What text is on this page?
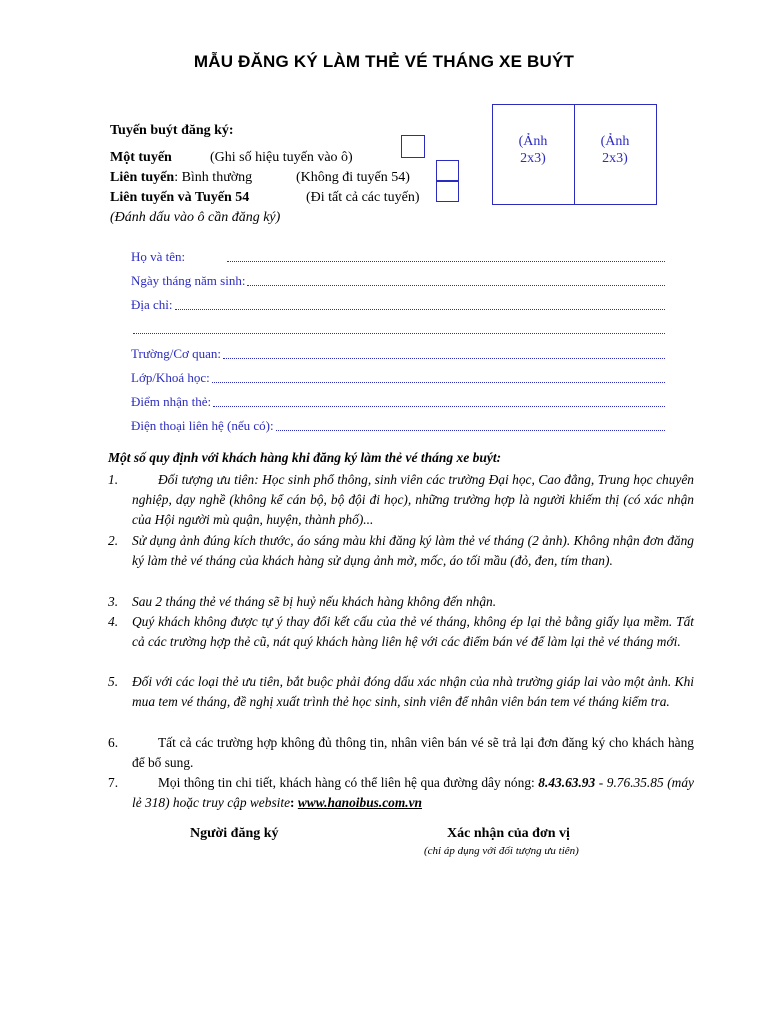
MẪU ĐĂNG KÝ LÀM THẺ VÉ THÁNG XE BUÝT
Tuyến buýt đăng ký:
Một tuyến	(Ghi số hiệu tuyến vào ô)
Liên tuyến: Bình thường	(Không đi tuyến 54)
Liên tuyến và Tuyến 54	(Đi tất cả các tuyến)
(Đánh dấu vào ô cần đăng ký)
(Ảnh
2x3)
(Ảnh
2x3)
Họ và tên:
Ngày tháng năm sinh:
Địa chỉ:
Trường/Cơ quan:
Lớp/Khoá học:
Điểm nhận thẻ:
Điện thoại liên hệ (nếu có):
Một số quy định với khách hàng khi đăng ký làm thẻ vé tháng xe buýt:
1.	Đối tượng ưu tiên: Học sinh phổ thông, sinh viên các trường Đại học, Cao đẳng, Trung học chuyên nghiệp, dạy nghề (không kể cán bộ, bộ đội đi học), những trường hợp là người khiếm thị (có xác nhận của Hội người mù quận, huyện, thành phố)...
2.	Sử dụng ảnh đúng kích thước, áo sáng màu khi đăng ký làm thẻ vé tháng (2 ảnh). Không nhận đơn đăng ký làm thẻ vé tháng của khách hàng sử dụng ảnh mờ, mốc, áo tối mầu (đỏ, đen, tím than).
3.	Sau 2 tháng thẻ vé tháng sẽ bị huỷ nếu khách hàng không đến nhận.
4.	Quý khách không được tự ý thay đổi kết cấu của thẻ vé tháng, không ép lại thẻ bằng giấy lụa mềm. Tất cả các trường hợp thẻ cũ, nát quý khách hàng liên hệ với các điểm bán vé để làm lại thẻ vé tháng mới.
5.	Đối với các loại thẻ ưu tiên, bắt buộc phải đóng dấu xác nhận của nhà trường giáp lai vào một ảnh. Khi mua tem vé tháng, đề nghị xuất trình thẻ học sinh, sinh viên để nhân viên bán tem vé tháng kiểm tra.
6.	Tất cả các trường hợp không đủ thông tin, nhân viên bán vé sẽ trả lại đơn đăng ký cho khách hàng để bổ sung.
7.	Mọi thông tin chi tiết, khách hàng có thể liên hệ qua đường dây nóng: 8.43.63.93 - 9.76.35.85 (máy lẻ 318) hoặc truy cập website: www.hanoibus.com.vn
Người đăng ký	Xác nhận của đơn vị
(chỉ áp dụng với đối tượng ưu tiên)
